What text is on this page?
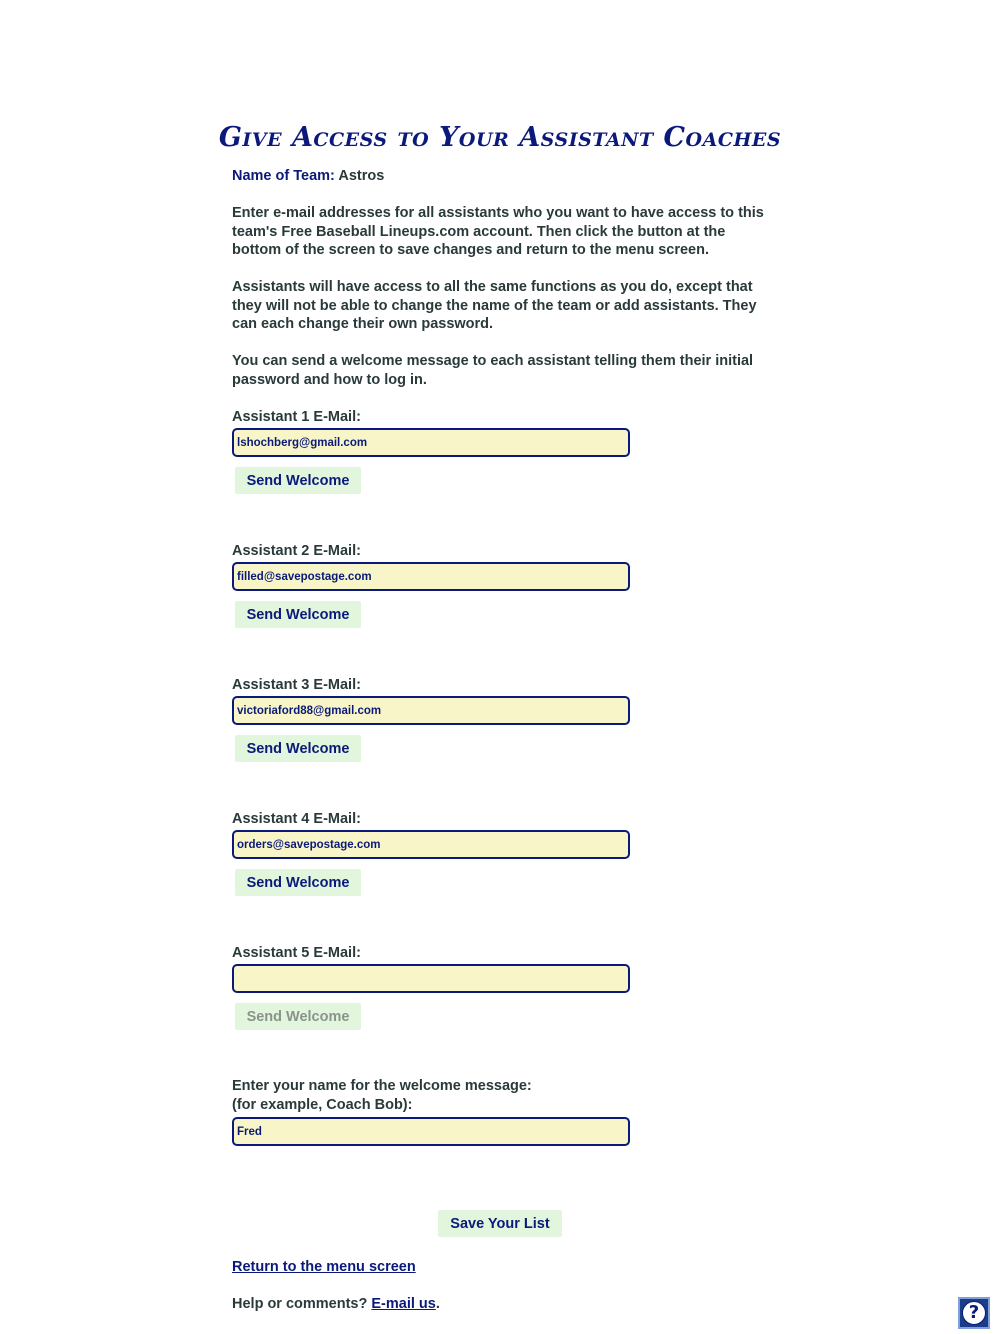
Give Access to Your Assistant Coaches
Name of Team: Astros

Enter e-mail addresses for all assistants who you want to have access to this team's Free Baseball Lineups.com account. Then click the button at the bottom of the screen to save changes and return to the menu screen.

Assistants will have access to all the same functions as you do, except that they will not be able to change the name of the team or add assistants. They can each change their own password.

You can send a welcome message to each assistant telling them their initial password and how to log in.

Assistant 1 E-Mail:
lshochberg@gmail.com
Send Welcome
Assistant 2 E-Mail:
filled@savepostage.com
Send Welcome
Assistant 3 E-Mail:
victoriaford88@gmail.com
Send Welcome
Assistant 4 E-Mail:
orders@savepostage.com
Send Welcome
Assistant 5 E-Mail:
Send Welcome
Enter your name for the welcome message:
(for example, Coach Bob):
Fred
Save Your List
Return to the menu screen
Help or comments? E-mail us.	?
